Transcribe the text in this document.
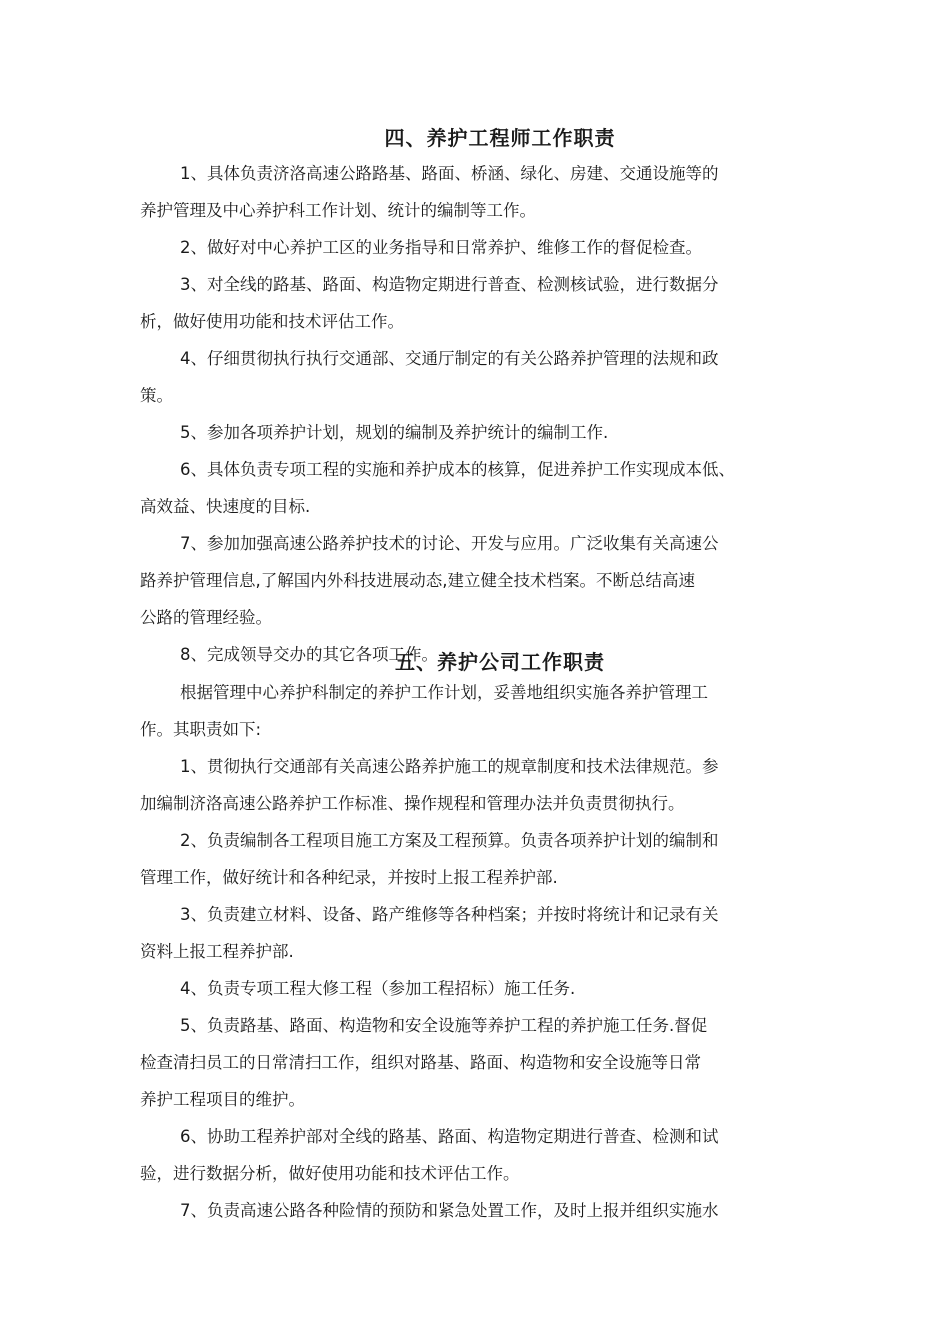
四、养护工程师工作职责

1、具体负责济洛高速公路路基、路面、桥涵、绿化、房建、交通设施等的
养护管理及中心养护科工作计划、统计的编制等工作。

2、做好对中心养护工区的业务指导和日常养护、维修工作的督促检查。

3、对全线的路基、路面、构造物定期进行普查、检测核试验，进行数据分
析，做好使用功能和技术评估工作。

4、仔细贯彻执行执行交通部、交通厅制定的有关公路养护管理的法规和政
策。

5、参加各项养护计划，规划的编制及养护统计的编制工作.

6、具体负责专项工程的实施和养护成本的核算，促进养护工作实现成本低、
高效益、快速度的目标.

7、参加加强高速公路养护技术的讨论、开发与应用。广泛收集有关高速公
路养护管理信息,了解国内外科技进展动态,建立健全技术档案。不断总结高速
公路的管理经验。

8、完成领导交办的其它各项工作。

五、养护公司工作职责

根据管理中心养护科制定的养护工作计划，妥善地组织实施各养护管理工
作。其职责如下:

1、贯彻执行交通部有关高速公路养护施工的规章制度和技术法律规范。参
加编制济洛高速公路养护工作标准、操作规程和管理办法并负责贯彻执行。

2、负责编制各工程项目施工方案及工程预算。负责各项养护计划的编制和
管理工作，做好统计和各种纪录，并按时上报工程养护部.

3、负责建立材料、设备、路产维修等各种档案；并按时将统计和记录有关
资料上报工程养护部.

4、负责专项工程大修工程（参加工程招标）施工任务.

5、负责路基、路面、构造物和安全设施等养护工程的养护施工任务.督促
检查清扫员工的日常清扫工作，组织对路基、路面、构造物和安全设施等日常
养护工程项目的维护。

6、协助工程养护部对全线的路基、路面、构造物定期进行普查、检测和试
验，进行数据分析，做好使用功能和技术评估工作。

7、负责高速公路各种险情的预防和紧急处置工作，及时上报并组织实施水
